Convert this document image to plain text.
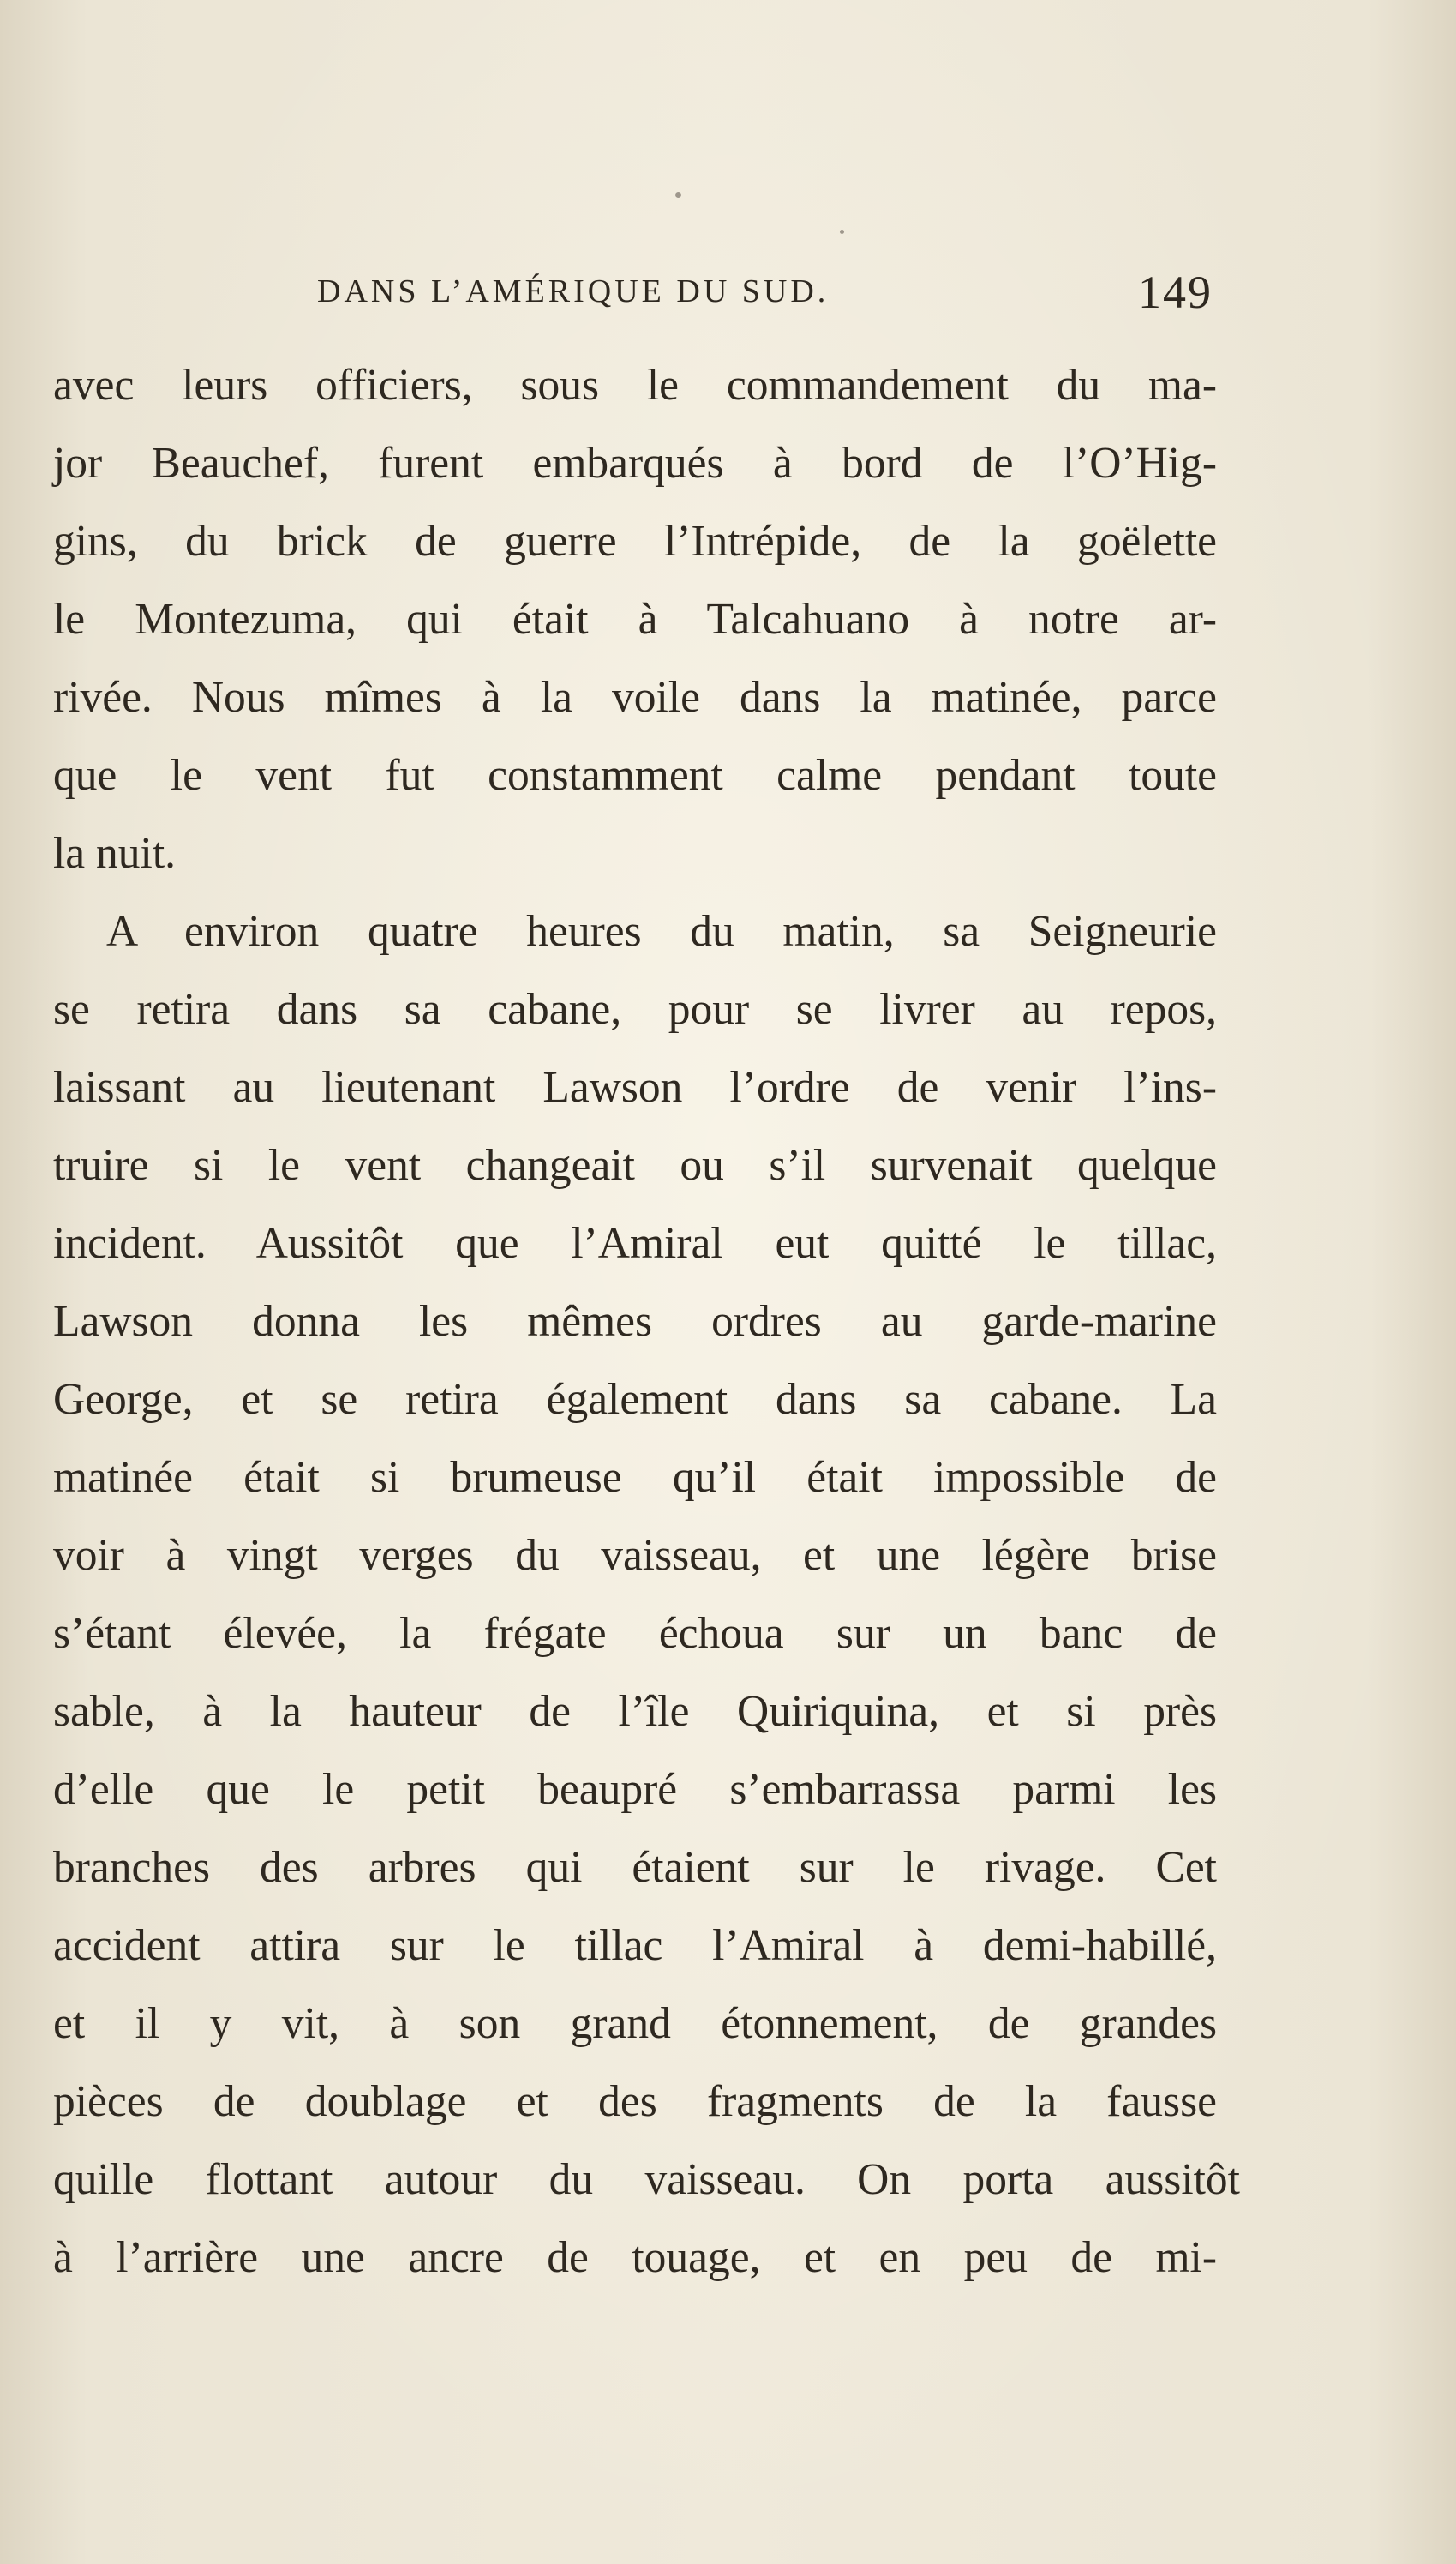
DANS L’AMÉRIQUE DU SUD.	149
avec leurs officiers, sous le commandement du ma-
jor Beauchef, furent embarqués à bord de l’O’Hig-
gins, du brick de guerre l’Intrépide, de la goëlette
le Montezuma, qui était à Talcahuano à notre ar-
rivée. Nous mîmes à la voile dans la matinée, parce
que le vent fut constamment calme pendant toute
la nuit.
A environ quatre heures du matin, sa Seigneurie
se retira dans sa cabane, pour se livrer au repos,
laissant au lieutenant Lawson l’ordre de venir l’ins-
truire si le vent changeait ou s’il survenait quelque
incident. Aussitôt que l’Amiral eut quitté le tillac,
Lawson donna les mêmes ordres au garde-marine
George, et se retira également dans sa cabane. La
matinée était si brumeuse qu’il était impossible de
voir à vingt verges du vaisseau, et une légère brise
s’étant élevée, la frégate échoua sur un banc de
sable, à la hauteur de l’île Quiriquina, et si près
d’elle que le petit beaupré s’embarrassa parmi les
branches des arbres qui étaient sur le rivage. Cet
accident attira sur le tillac l’Amiral à demi-habillé,
et il y vit, à son grand étonnement, de grandes
pièces de doublage et des fragments de la fausse
quille flottant autour du vaisseau. On porta aussitôt
à l’arrière une ancre de touage, et en peu de mi-
